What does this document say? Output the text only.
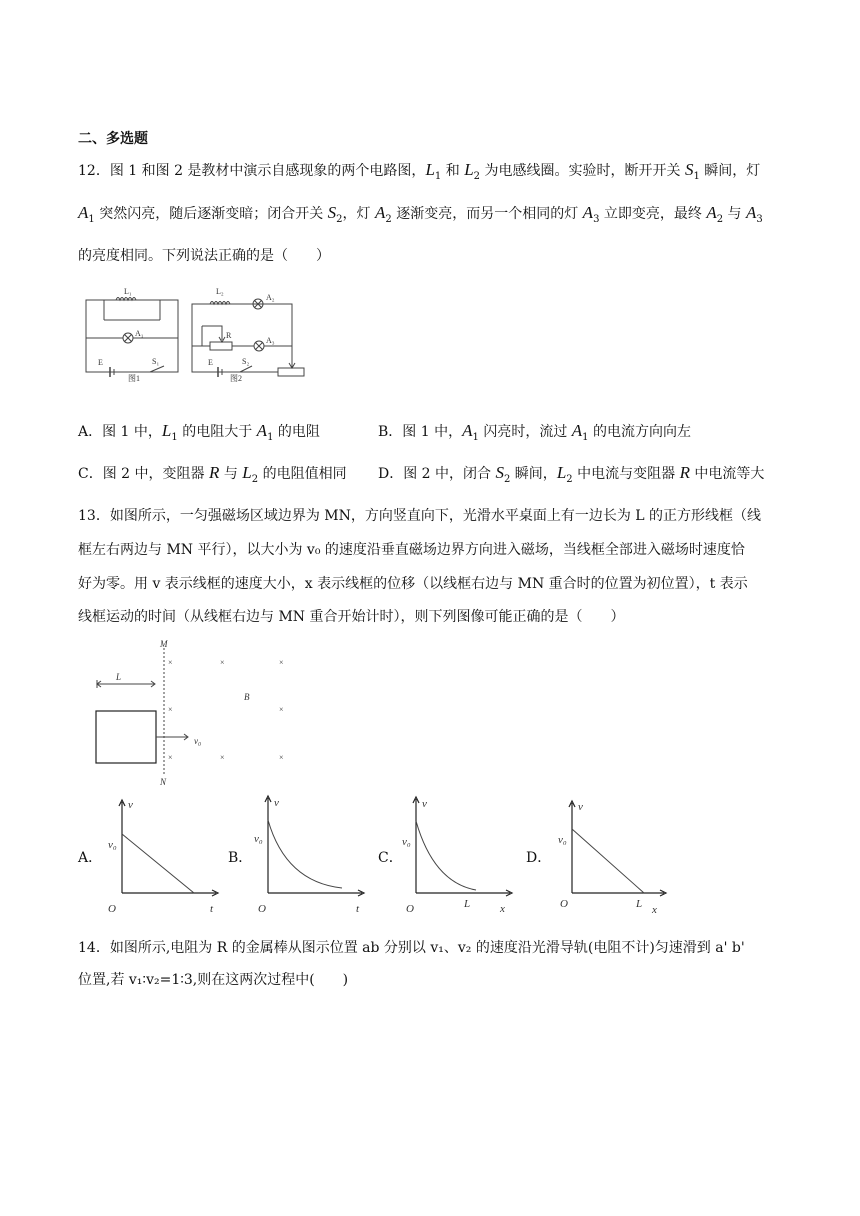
二、多选题
12．图 1 和图 2 是教材中演示自感现象的两个电路图，$L_1$ 和 $L_2$ 为电感线圈。实验时，断开开关 $S_1$ 瞬间，灯
$A_1$ 突然闪亮，随后逐渐变暗；闭合开关 $S_2$，灯 $A_2$ 逐渐变亮，而另一个相同的灯 $A_3$ 立即变亮，最终 $A_2$ 与 $A_3$
的亮度相同。下列说法正确的是（　　）
L₁
A₁
E	S₁
图1
L₂
A₂
R
A₃
E	S₂
图2
A．图 1 中，$L_1$ 的电阻大于 $A_1$ 的电阻	B．图 1 中，$A_1$ 闪亮时，流过 $A_1$ 的电流方向向左
C．图 2 中，变阻器 R 与 $L_2$ 的电阻值相同 D．图 2 中，闭合 $S_2$ 瞬间，$L_2$ 中电流与变阻器 R 中电流等大
13．如图所示，一匀强磁场区域边界为 MN，方向竖直向下，光滑水平桌面上有一边长为 L 的正方形线框（线
框左右两边与 MN 平行），以大小为 v₀ 的速度沿垂直磁场边界方向进入磁场，当线框全部进入磁场时速度恰
好为零。用 v 表示线框的速度大小，x 表示线框的位移（以线框右边与 MN 重合时的位置为初位置），t 表示
线框运动的时间（从线框右边与 MN 重合开始计时），则下列图像可能正确的是（　　）
×	×	×
×	×
×	×	×
M
N
L
B
v₀
A．
v
v₀
O	t
B．
v
v₀
O	t
C．
v
v₀
O	L	x
D．
v
v₀
O	L x
14．如图所示,电阻为 R 的金属棒从图示位置 ab 分别以 v₁、v₂ 的速度沿光滑导轨(电阻不计)匀速滑到 a' b'
位置,若 v₁∶v₂=1∶3,则在这两次过程中(　　)
